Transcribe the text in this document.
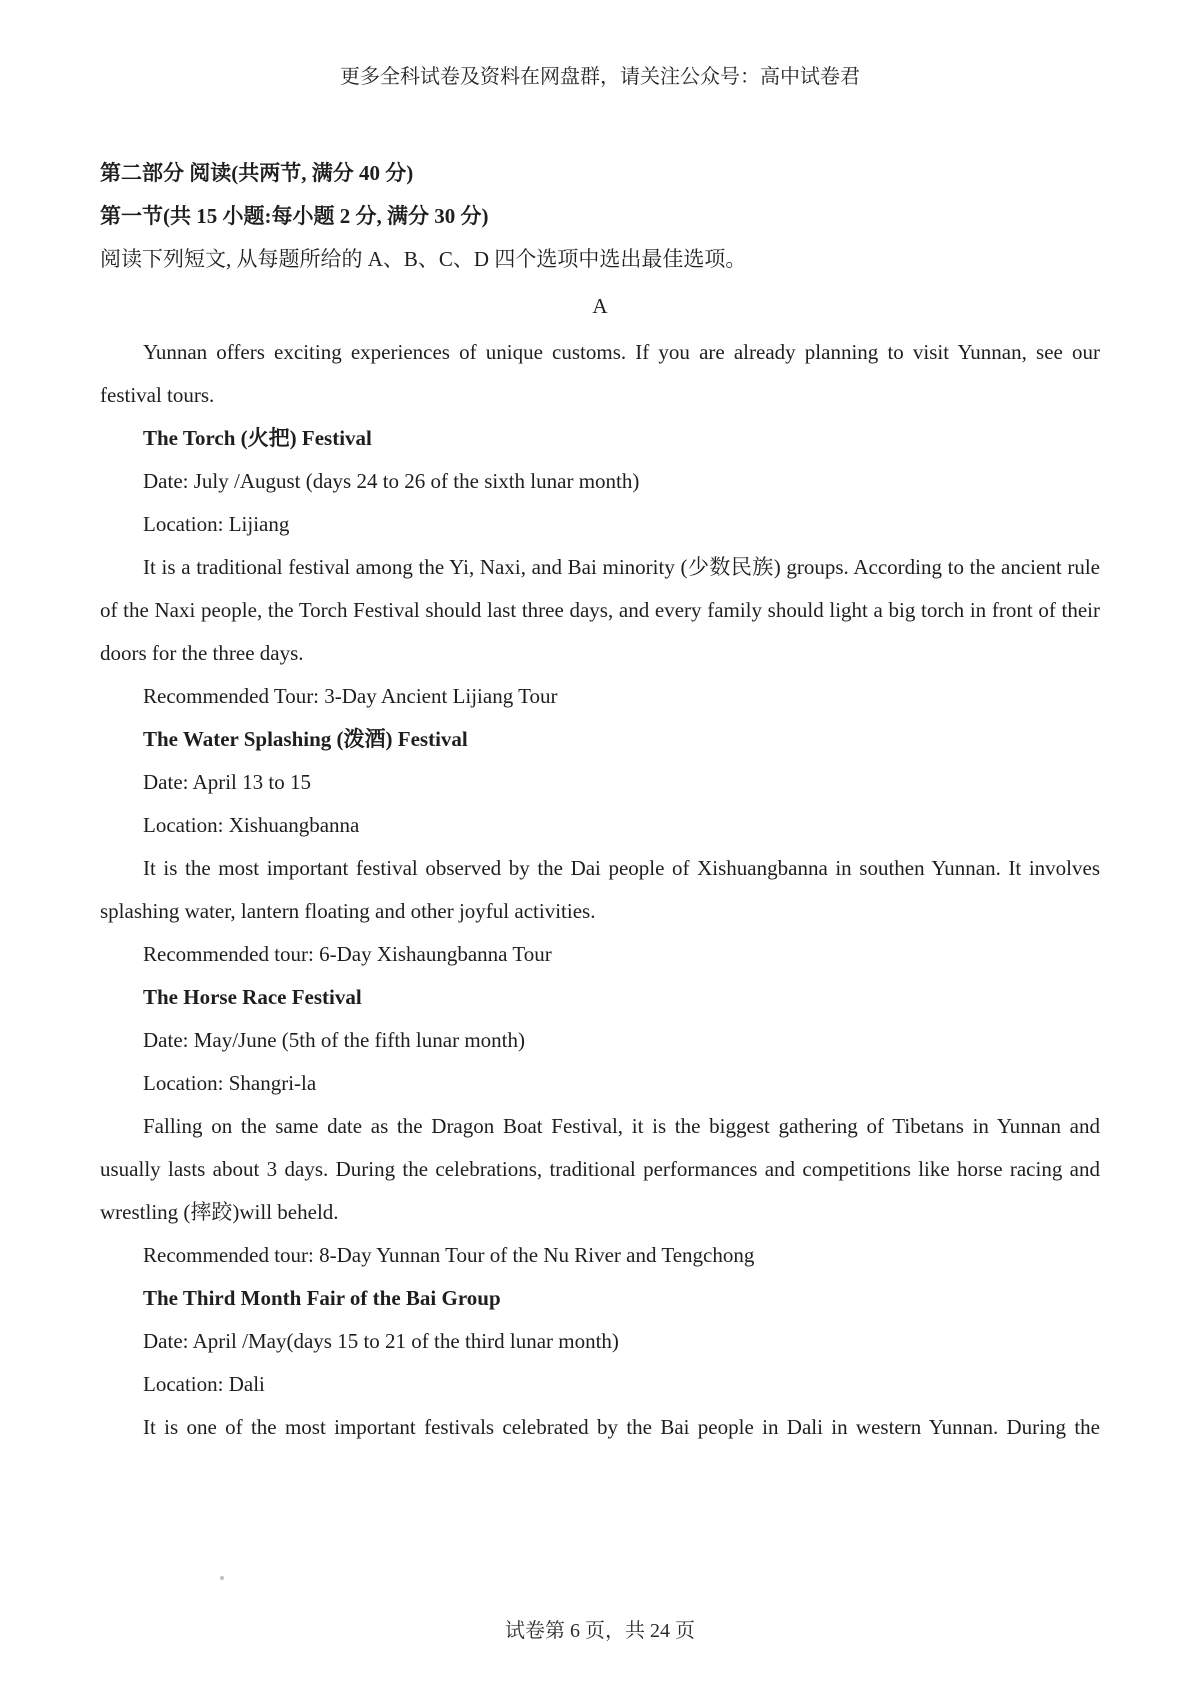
更多全科试卷及资料在网盘群，请关注公众号：高中试卷君

第二部分 阅读(共两节, 满分 40 分)

第一节(共 15 小题:每小题 2 分, 满分 30 分)

阅读下列短文, 从每题所给的 A、B、C、D 四个选项中选出最佳选项。

A

Yunnan offers exciting experiences of unique customs. If you are already planning to visit Yunnan, see our festival tours.

The Torch (火把) Festival

Date: July /August (days 24 to 26 of the sixth lunar month)

Location: Lijiang

It is a traditional festival among the Yi, Naxi, and Bai minority (少数民族) groups. According to the ancient rule of the Naxi people, the Torch Festival should last three days, and every family should light a big torch in front of their doors for the three days.

Recommended Tour: 3-Day Ancient Lijiang Tour

The Water Splashing (泼酒) Festival

Date: April 13 to 15

Location: Xishuangbanna

It is the most important festival observed by the Dai people of Xishuangbanna in southen Yunnan. It involves splashing water, lantern floating and other joyful activities.

Recommended tour: 6-Day Xishaungbanna Tour

The Horse Race Festival

Date: May/June (5th of the fifth lunar month)

Location: Shangri-la

Falling on the same date as the Dragon Boat Festival, it is the biggest gathering of Tibetans in Yunnan and usually lasts about 3 days. During the celebrations, traditional performances and competitions like horse racing and wrestling (摔跤)will beheld.

Recommended tour: 8-Day Yunnan Tour of the Nu River and Tengchong

The Third Month Fair of the Bai Group

Date: April /May(days 15 to 21 of the third lunar month)

Location: Dali

It is one of the most important festivals celebrated by the Bai people in Dali in western Yunnan. During the

试卷第 6 页，共 24 页
